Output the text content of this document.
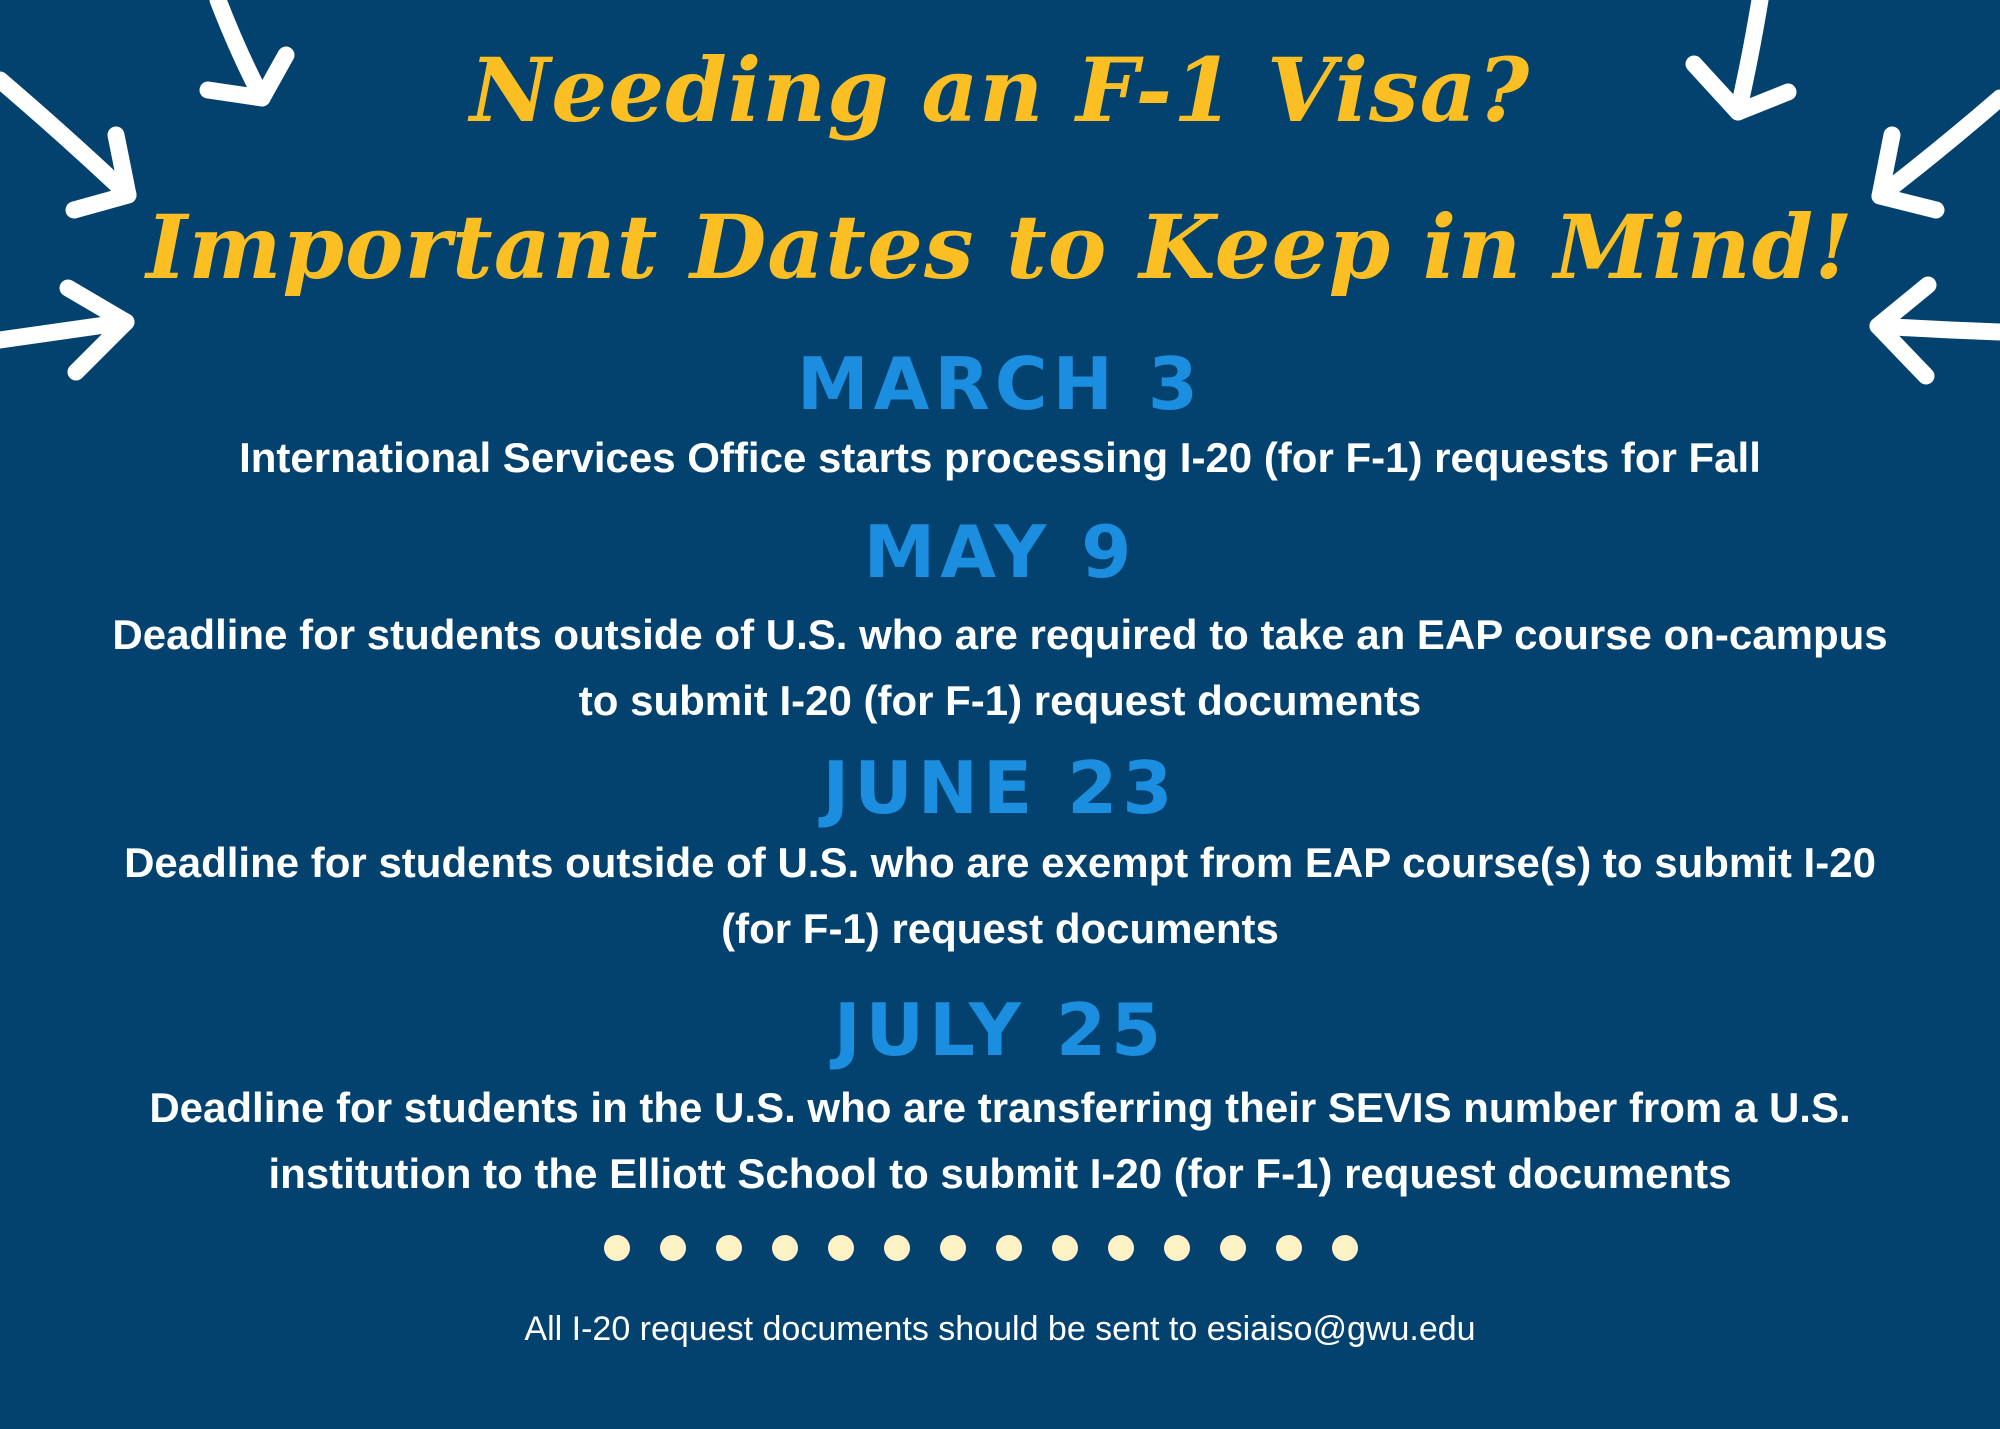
Needing an F-1 Visa?
Important Dates to Keep in Mind!
MARCH 3
International Services Office starts processing I-20 (for F-1) requests for Fall
MAY 9
Deadline for students outside of U.S. who are required to take an EAP course on-campus to submit I-20 (for F-1) request documents
JUNE 23
Deadline for students outside of U.S. who are exempt from EAP course(s) to submit I-20 (for F-1) request documents
JULY 25
Deadline for students in the U.S. who are transferring their SEVIS number from a U.S. institution to the Elliott School to submit I-20 (for F-1) request documents
All I-20 request documents should be sent to esiaiso@gwu.edu
